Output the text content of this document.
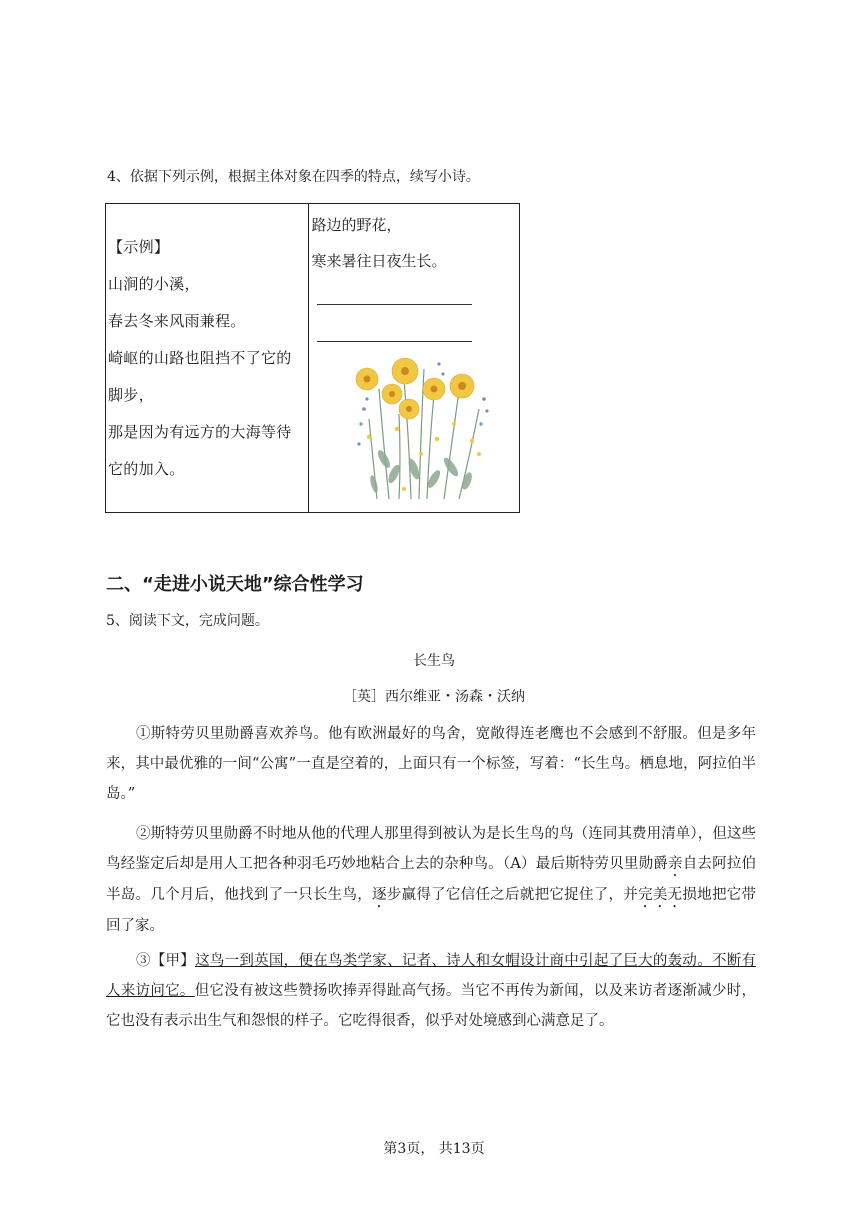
4、依据下列示例，根据主体对象在四季的特点，续写小诗。
【示例】
山涧的小溪，
春去冬来风雨兼程。
崎岖的山路也阻挡不了它的
脚步，
那是因为有远方的大海等待
它的加入。

路边的野花，
寒来暑往日夜生长。
二、“走进小说天地”综合性学习
5、阅读下文，完成问题。
长生鸟
［英］西尔维亚・汤森・沃纳

①斯特劳贝里勋爵喜欢养鸟。他有欧洲最好的鸟舍，宽敞得连老鹰也不会感到不舒服。但是多年来，其中最优雅的一间“公寓”一直是空着的，上面只有一个标签，写着：“长生鸟。栖息地，阿拉伯半岛。”

②斯特劳贝里勋爵不时地从他的代理人那里得到被认为是长生鸟的鸟（连同其费用清单），但这些鸟经鉴定后却是用人工把各种羽毛巧妙地粘合上去的杂种鸟。（A）最后斯特劳贝里勋爵亲自去阿拉伯半岛。几个月后，他找到了一只长生鸟，逐步赢得了它信任之后就把它捉住了，并完美无损地把它带回了家。

③【甲】这鸟一到英国，便在鸟类学家、记者、诗人和女帽设计商中引起了巨大的轰动。不断有人来访问它。但它没有被这些赞扬吹捧弄得趾高气扬。当它不再传为新闻，以及来访者逐渐减少时，它也没有表示出生气和怨恨的样子。它吃得很香，似乎对处境感到心满意足了。

第3页， 共13页
